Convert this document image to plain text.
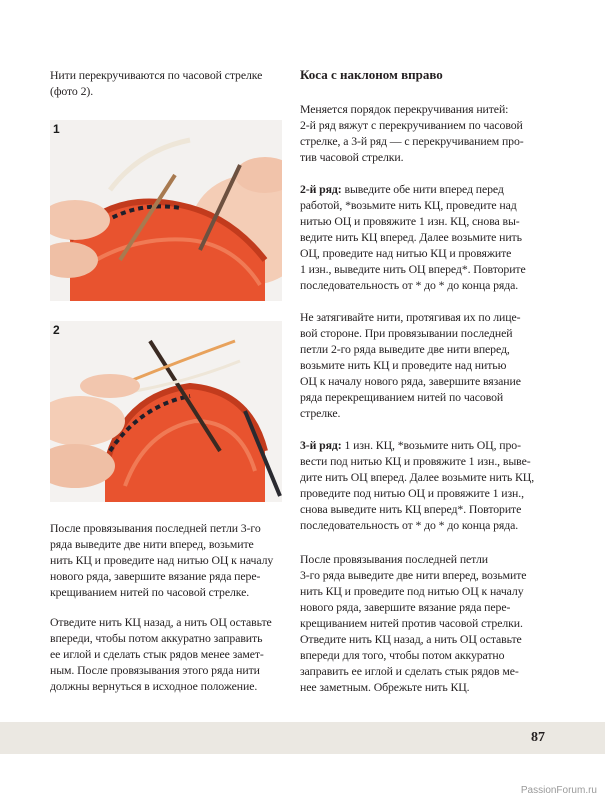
Нити перекручиваются по часовой стрелке
(фото 2).

1
2

После провязывания последней петли 3-го
ряда выведите две нити вперед, возьмите
нить КЦ и проведите над нитью ОЦ к началу
нового ряда, завершите вязание ряда пере-
крещиванием нитей по часовой стрелке.

Отведите нить КЦ назад, а нить ОЦ оставьте
впереди, чтобы потом аккуратно заправить
ее иглой и сделать стык рядов менее замет-
ным. После провязывания этого ряда нити
должны вернуться в исходное положение.

Коса с наклоном вправо

Меняется порядок перекручивания нитей:
2-й ряд вяжут с перекручиванием по часовой
стрелке, а 3-й ряд — с перекручиванием про-
тив часовой стрелки.

2-й ряд: выведите обе нити вперед перед
работой, *возьмите нить КЦ, проведите над
нитью ОЦ и провяжите 1 изн. КЦ, снова вы-
ведите нить КЦ вперед. Далее возьмите нить
ОЦ, проведите над нитью КЦ и провяжите
1 изн., выведите нить ОЦ вперед*. Повторите
последовательность от * до * до конца ряда.

Не затягивайте нити, протягивая их по лице-
вой стороне. При провязывании последней
петли 2-го ряда выведите две нити вперед,
возьмите нить КЦ и проведите над нитью
ОЦ к началу нового ряда, завершите вязание
ряда перекрещиванием нитей по часовой
стрелке.

3-й ряд: 1 изн. КЦ, *возьмите нить ОЦ, про-
вести под нитью КЦ и провяжите 1 изн., выве-
дите нить ОЦ вперед. Далее возьмите нить КЦ,
проведите под нитью ОЦ и провяжите 1 изн.,
снова выведите нить КЦ вперед*. Повторите
последовательность от * до * до конца ряда.

После провязывания последней петли
3-го ряда выведите две нити вперед, возьмите
нить КЦ и проведите под нитью ОЦ к началу
нового ряда, завершите вязание ряда пере-
крещиванием нитей против часовой стрелки.
Отведите нить КЦ назад, а нить ОЦ оставьте
впереди для того, чтобы потом аккуратно
заправить ее иглой и сделать стык рядов ме-
нее заметным. Обрежьте нить КЦ.

87
PassionForum.ru
